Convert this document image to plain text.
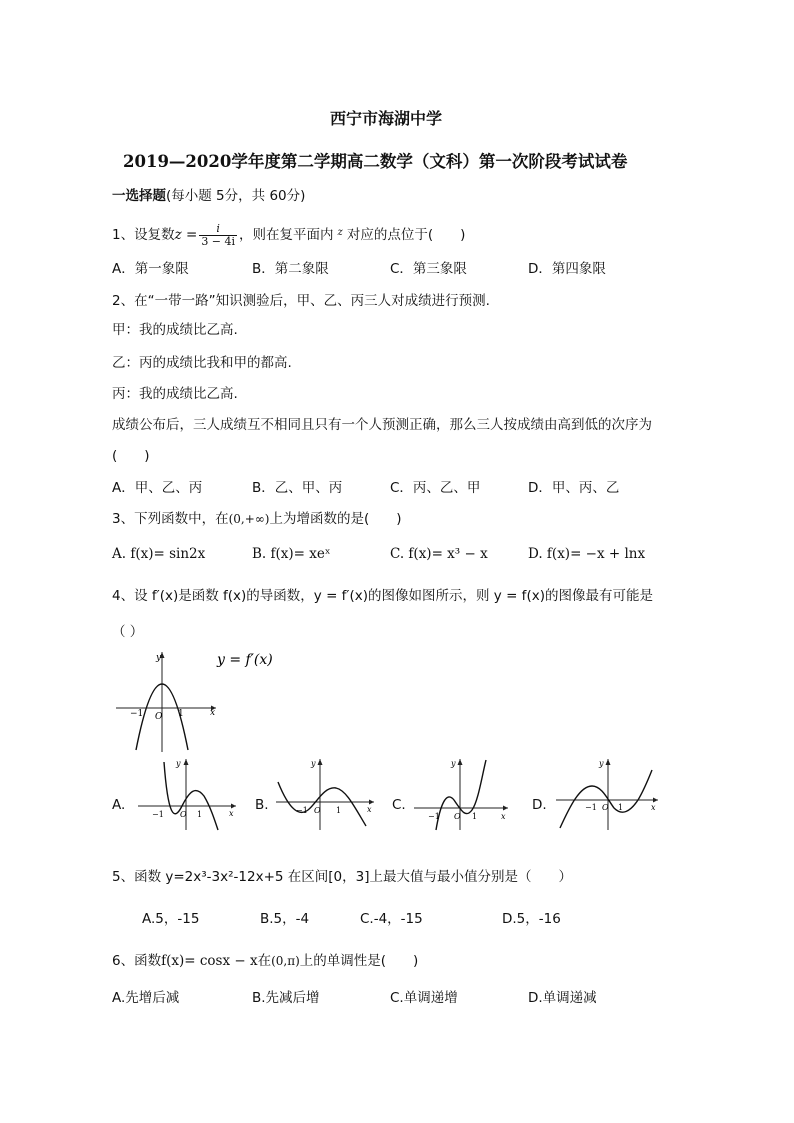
西宁市海湖中学
2019—2020学年度第二学期高二数学（文科）第一次阶段考试试卷
一选择题(每小题 5分，共 60分)
1、设复数$z = \frac{i}{3 - 4i}$ ，则在复平面内 $^z$ 对应的点位于(　　)
A．第一象限	B．第二象限	C．第三象限	D．第四象限
2、在“一带一路”知识测验后，甲、乙、丙三人对成绩进行预测.
甲：我的成绩比乙高.
乙：丙的成绩比我和甲的都高.
丙：我的成绩比乙高.
成绩公布后，三人成绩互不相同且只有一个人预测正确，那么三人按成绩由高到低的次序为
(　　)
A．甲、乙、丙	B．乙、甲、丙	C．丙、乙、甲	D．甲、丙、乙
3、下列函数中，在(0,+∞)上为增函数的是(　　)
A. f(x)= sin2x	B. f(x)= xeˣ	C. f(x)= x³ − x	D. f(x)= −x + lnx
4、设 f′(x)是函数 f(x)的导函数，y = f′(x)的图像如图所示，则 y = f(x)的图像最有可能是
（ ）
x
y
O
−1	1
y = f′(x)
A.
x
y
−1 O 1
B.	x
y
−1 O 1	C.
x
y
−1 O 1
D.	x
y
−1 O 1
5、函数 y=2x³-3x²-12x+5 在区间[0，3]上最大值与最小值分别是（　　）
A.5，-15	B.5，-4	C.-4，-15	D.5，-16
6、函数f(x)= cosx − x在(0,π)上的单调性是(　　)
A.先增后减	B.先减后增	C.单调递增	D.单调递减
